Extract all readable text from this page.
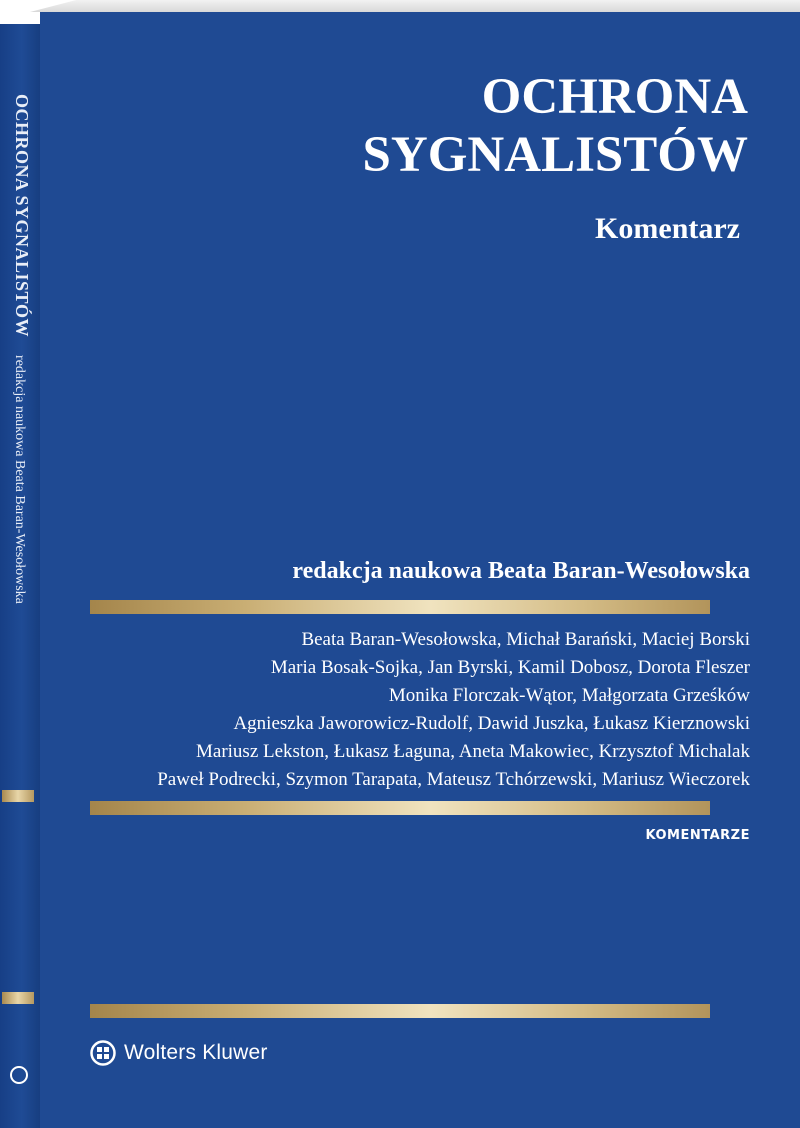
OCHRONA SYGNALISTÓW redakcja naukowa Beata Baran-Wesołowska
OCHRONA
SYGNALISTÓW

Komentarz

redakcja naukowa Beata Baran-Wesołowska

Beata Baran-Wesołowska, Michał Barański, Maciej Borski
Maria Bosak-Sojka, Jan Byrski, Kamil Dobosz, Dorota Fleszer
Monika Florczak-Wątor, Małgorzata Grześków
Agnieszka Jaworowicz-Rudolf, Dawid Juszka, Łukasz Kierznowski
Mariusz Lekston, Łukasz Łaguna, Aneta Makowiec, Krzysztof Michalak
Paweł Podrecki, Szymon Tarapata, Mateusz Tchórzewski, Mariusz Wieczorek

KOMENTARZE

Wolters Kluwer
